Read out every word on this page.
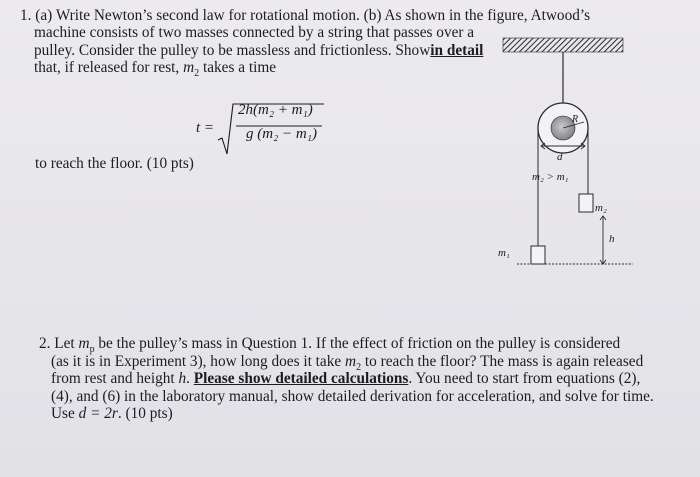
1. (a) Write Newton’s second law for rotational motion. (b) As shown in the figure, Atwood’s
machine consists of two masses connected by a string that passes over a
pulley. Consider the pulley to be massless and frictionless. Showin detail
that, if released for rest, $m_2$ takes a time
t =
2h(m₂ + m₁)
g (m₂ − m₁)
to reach the floor. (10 pts)
R
d
m₂ > m₁
m₁
m₂
h
2. Let $m_p$ be the pulley’s mass in Question 1. If the effect of friction on the pulley is considered
(as it is in Experiment 3), how long does it take $m_2$ to reach the floor? The mass is again released
from rest and height h. Please show detailed calculations. You need to start from equations (2),
(4), and (6) in the laboratory manual, show detailed derivation for acceleration, and solve for time.
Use d = 2r. (10 pts)
